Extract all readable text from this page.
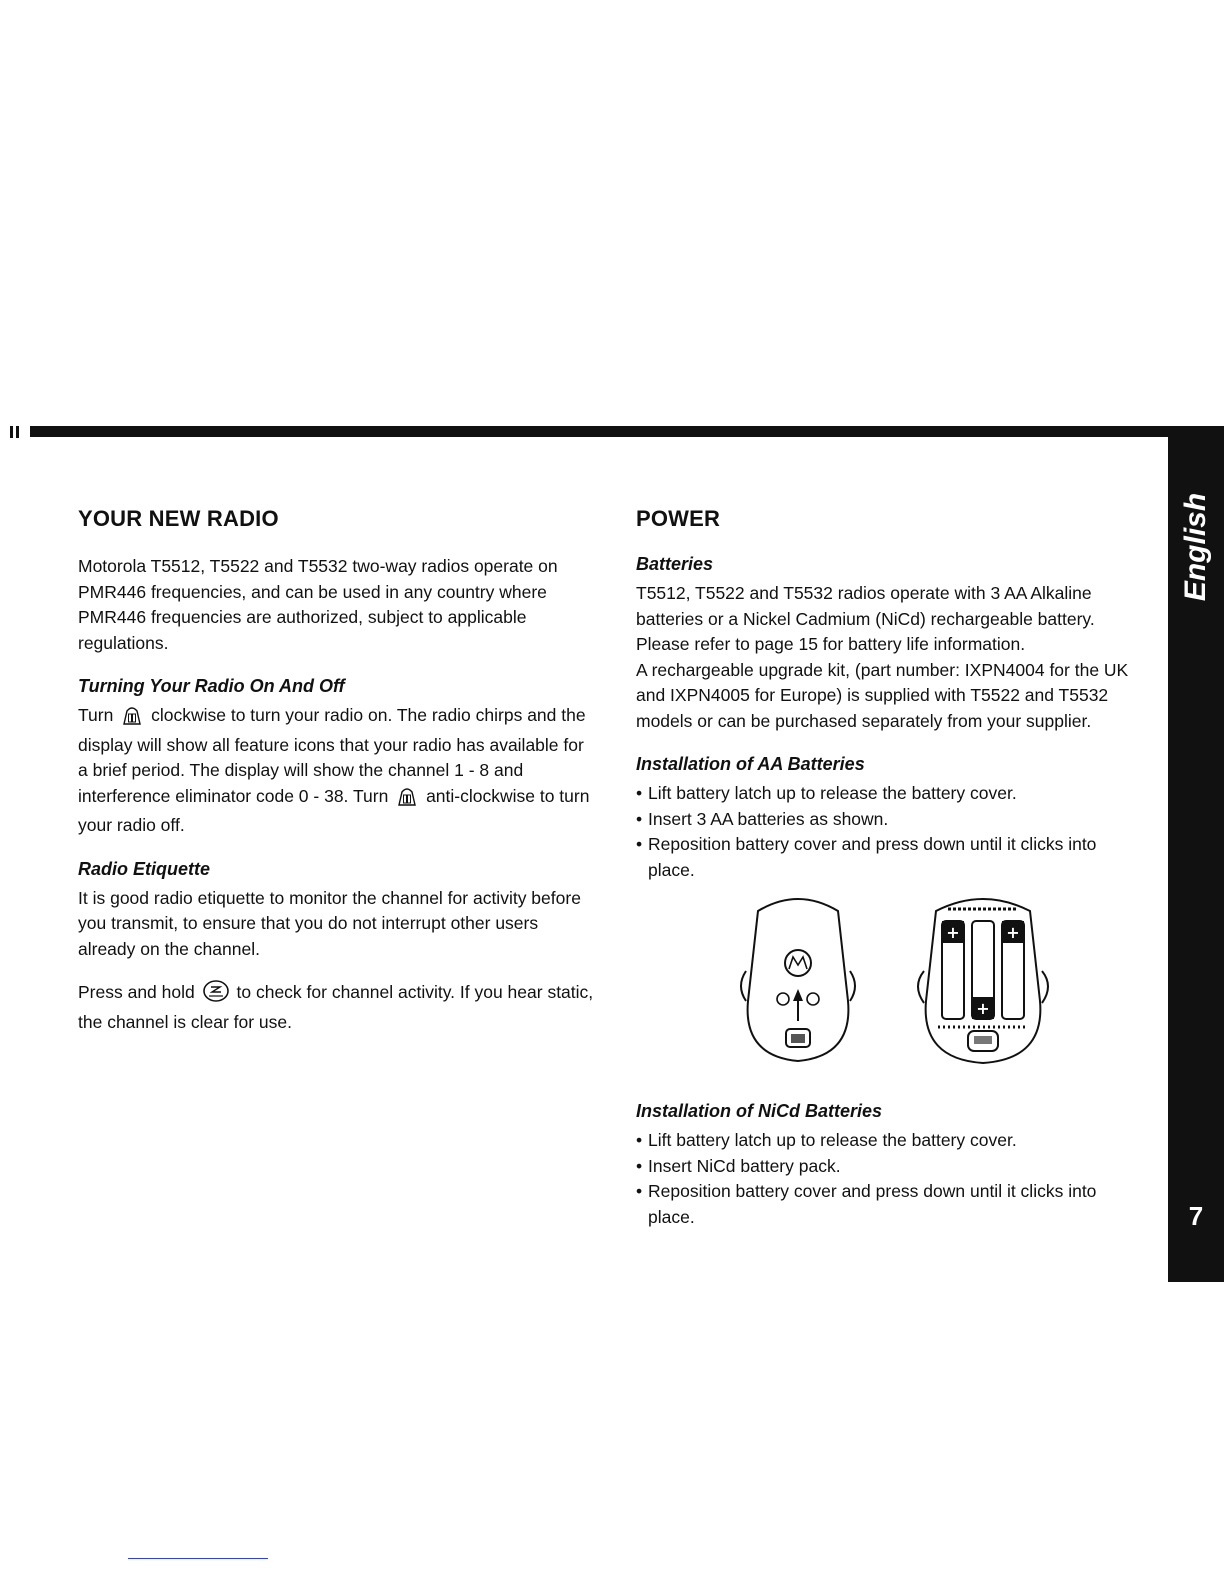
English
7
YOUR NEW RADIO

Motorola T5512, T5522 and T5532 two-way radios operate on PMR446 frequencies, and can be used in any country where PMR446 frequencies are authorized, subject to applicable regulations.

Turning Your Radio On And Off

Turn clockwise to turn your radio on. The radio chirps and the display will show all feature icons that your radio has available for a brief period. The display will show the channel 1 - 8 and interference eliminator code 0 - 38. Turn anti-clockwise to turn your radio off.

Radio Etiquette

It is good radio etiquette to monitor the channel for activity before you transmit, to ensure that you do not interrupt other users already on the channel.

Press and hold to check for channel activity. If you hear static, the channel is clear for use.

POWER
Batteries

T5512, T5522 and T5532 radios operate with 3 AA Alkaline batteries or a Nickel Cadmium (NiCd) rechargeable battery. Please refer to page 15 for battery life information.

A rechargeable upgrade kit, (part number: IXPN4004 for the UK and IXPN4005 for Europe) is supplied with T5522 and T5532 models or can be purchased separately from your supplier.

Installation of AA Batteries
• Lift battery latch up to release the battery cover.
• Insert 3 AA batteries as shown.
• Reposition battery cover and press down until it clicks into place.
+	+
+
Installation of NiCd Batteries
• Lift battery latch up to release the battery cover.
• Insert NiCd battery pack.
• Reposition battery cover and press down until it clicks into place.
